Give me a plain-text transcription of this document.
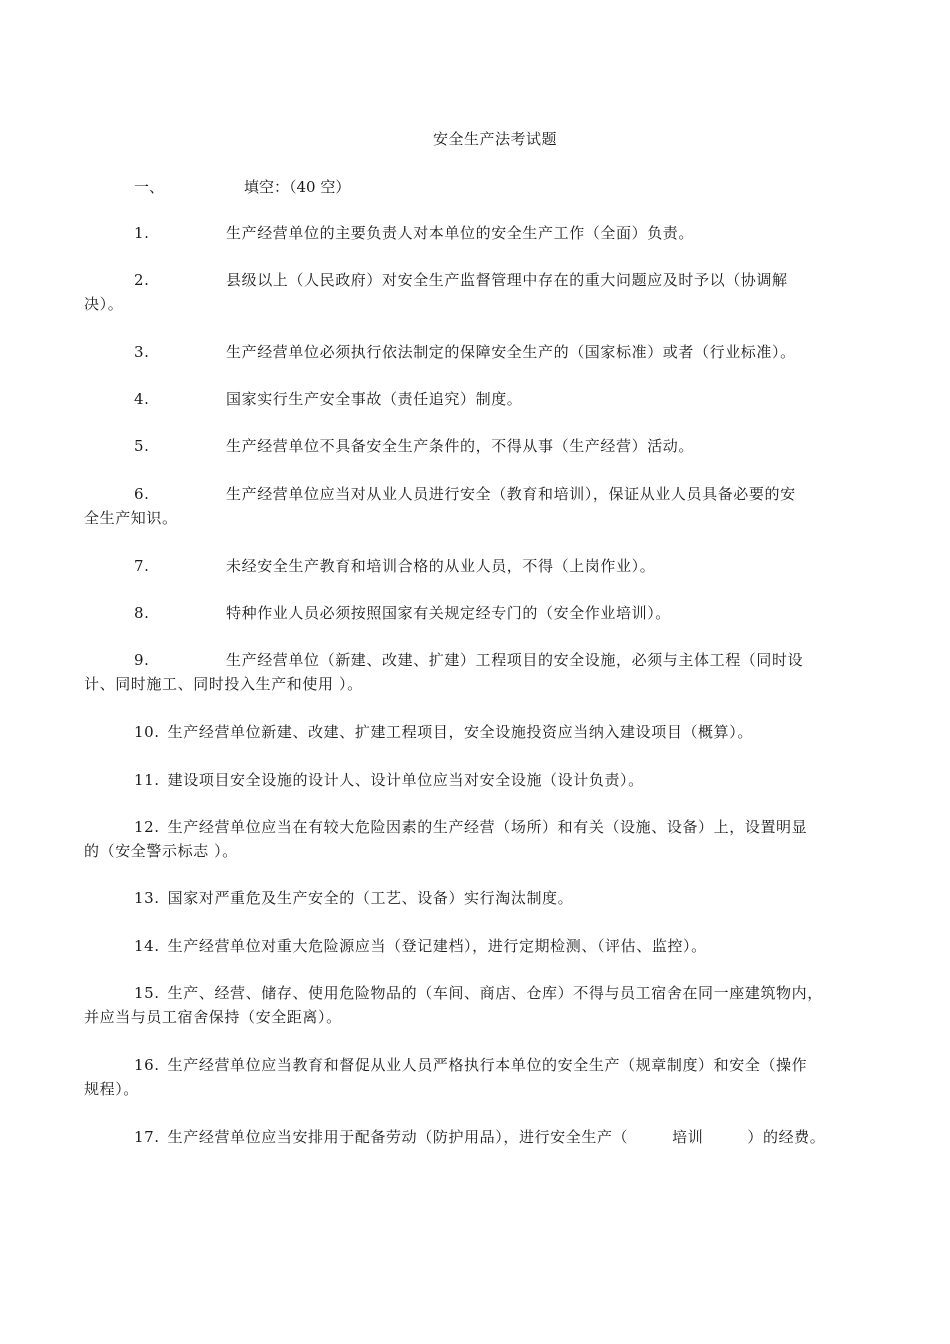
安全生产法考试题
一、	填空：（40 空）
1.	生产经营单位的主要负责人对本单位的安全生产工作（全面）负责。
2.	县级以上（人民政府）对安全生产监督管理中存在的重大问题应及时予以（协调解
决）。
3.	生产经营单位必须执行依法制定的保障安全生产的（国家标准）或者（行业标准）。
4.	国家实行生产安全事故（责任追究）制度。
5.	生产经营单位不具备安全生产条件的，不得从事（生产经营）活动。
6.	生产经营单位应当对从业人员进行安全（教育和培训），保证从业人员具备必要的安
全生产知识。
7.	未经安全生产教育和培训合格的从业人员，不得（上岗作业）。
8.	特种作业人员必须按照国家有关规定经专门的（安全作业培训）。
9.	生产经营单位（新建、改建、扩建）工程项目的安全设施，必须与主体工程（同时设
计、同时施工、同时投入生产和使用 ）。
10. 生产经营单位新建、改建、扩建工程项目，安全设施投资应当纳入建设项目（概算）。
11. 建设项目安全设施的设计人、设计单位应当对安全设施（设计负责）。
12. 生产经营单位应当在有较大危险因素的生产经营（场所）和有关（设施、设备）上，设置明显
的（安全警示标志 ）。
13. 国家对严重危及生产安全的（工艺、设备）实行淘汰制度。
14. 生产经营单位对重大危险源应当（登记建档），进行定期检测、（评估、监控）。
15. 生产、经营、储存、使用危险物品的（车间、商店、仓库）不得与员工宿舍在同一座建筑物内，
并应当与员工宿舍保持（安全距离）。
16. 生产经营单位应当教育和督促从业人员严格执行本单位的安全生产（规章制度）和安全（操作
规程）。
17. 生产经营单位应当安排用于配备劳动（防护用品），进行安全生产（	培训	）的经费。
